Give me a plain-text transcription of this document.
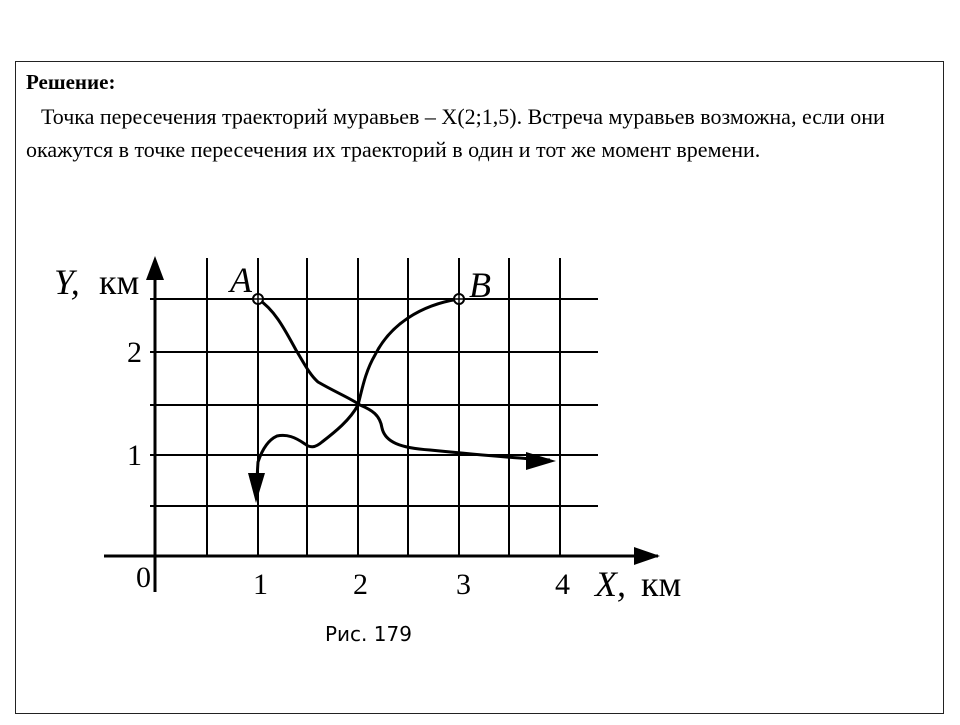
Решение:
Точка пересечения траекторий муравьев – X(2;1,5). Встреча муравьев возможна, если они окажутся в точке пересечения их траекторий в один и тот же момент времени.
Y, км
X, км
0	1	2	3	4
1
2
A	B
Рис. 179
